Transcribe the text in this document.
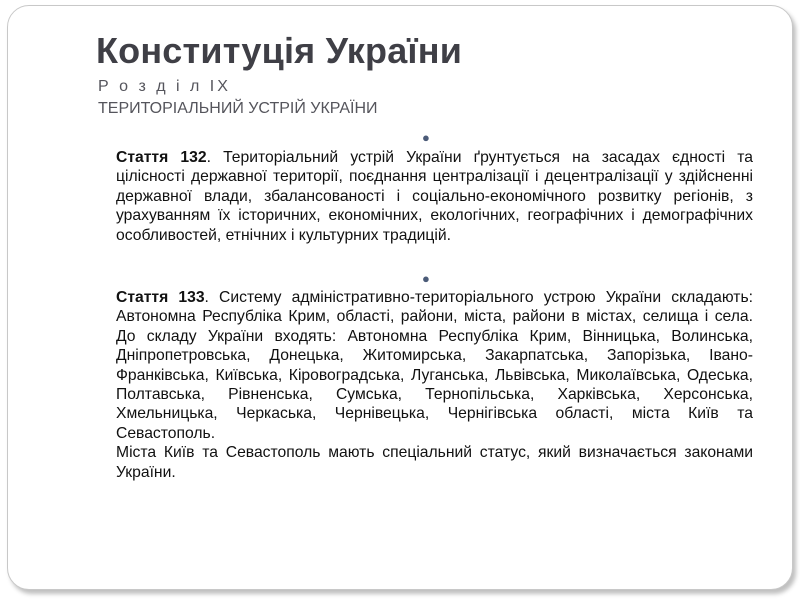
Конституція України
Р о з д і л IX
ТЕРИТОРІАЛЬНИЙ УСТРІЙ УКРАЇНИ
●

Стаття 132. Територіальний устрій України ґрунтується на засадах єдності та цілісності державної території, поєднання централізації і децентралізації у здійсненні державної влади, збалансованості і соціально-економічного розвитку регіонів, з урахуванням їх історичних, економічних, екологічних, географічних і демографічних особливостей, етнічних і культурних традицій.

●

Стаття 133. Систему адміністративно-територіального устрою України складають: Автономна Республіка Крим, області, райони, міста, райони в містах, селища і села.

До складу України входять: Автономна Республіка Крим, Вінницька, Волинська, Дніпропетровська, Донецька, Житомирська, Закарпатська, Запорізька, Івано-Франківська, Київська, Кіровоградська, Луганська, Львівська, Миколаївська, Одеська, Полтавська, Рівненська, Сумська, Тернопільська, Харківська, Херсонська, Хмельницька, Черкаська, Чернівецька, Чернігівська області, міста Київ та Севастополь.

Міста Київ та Севастополь мають спеціальний статус, який визначається законами України.
